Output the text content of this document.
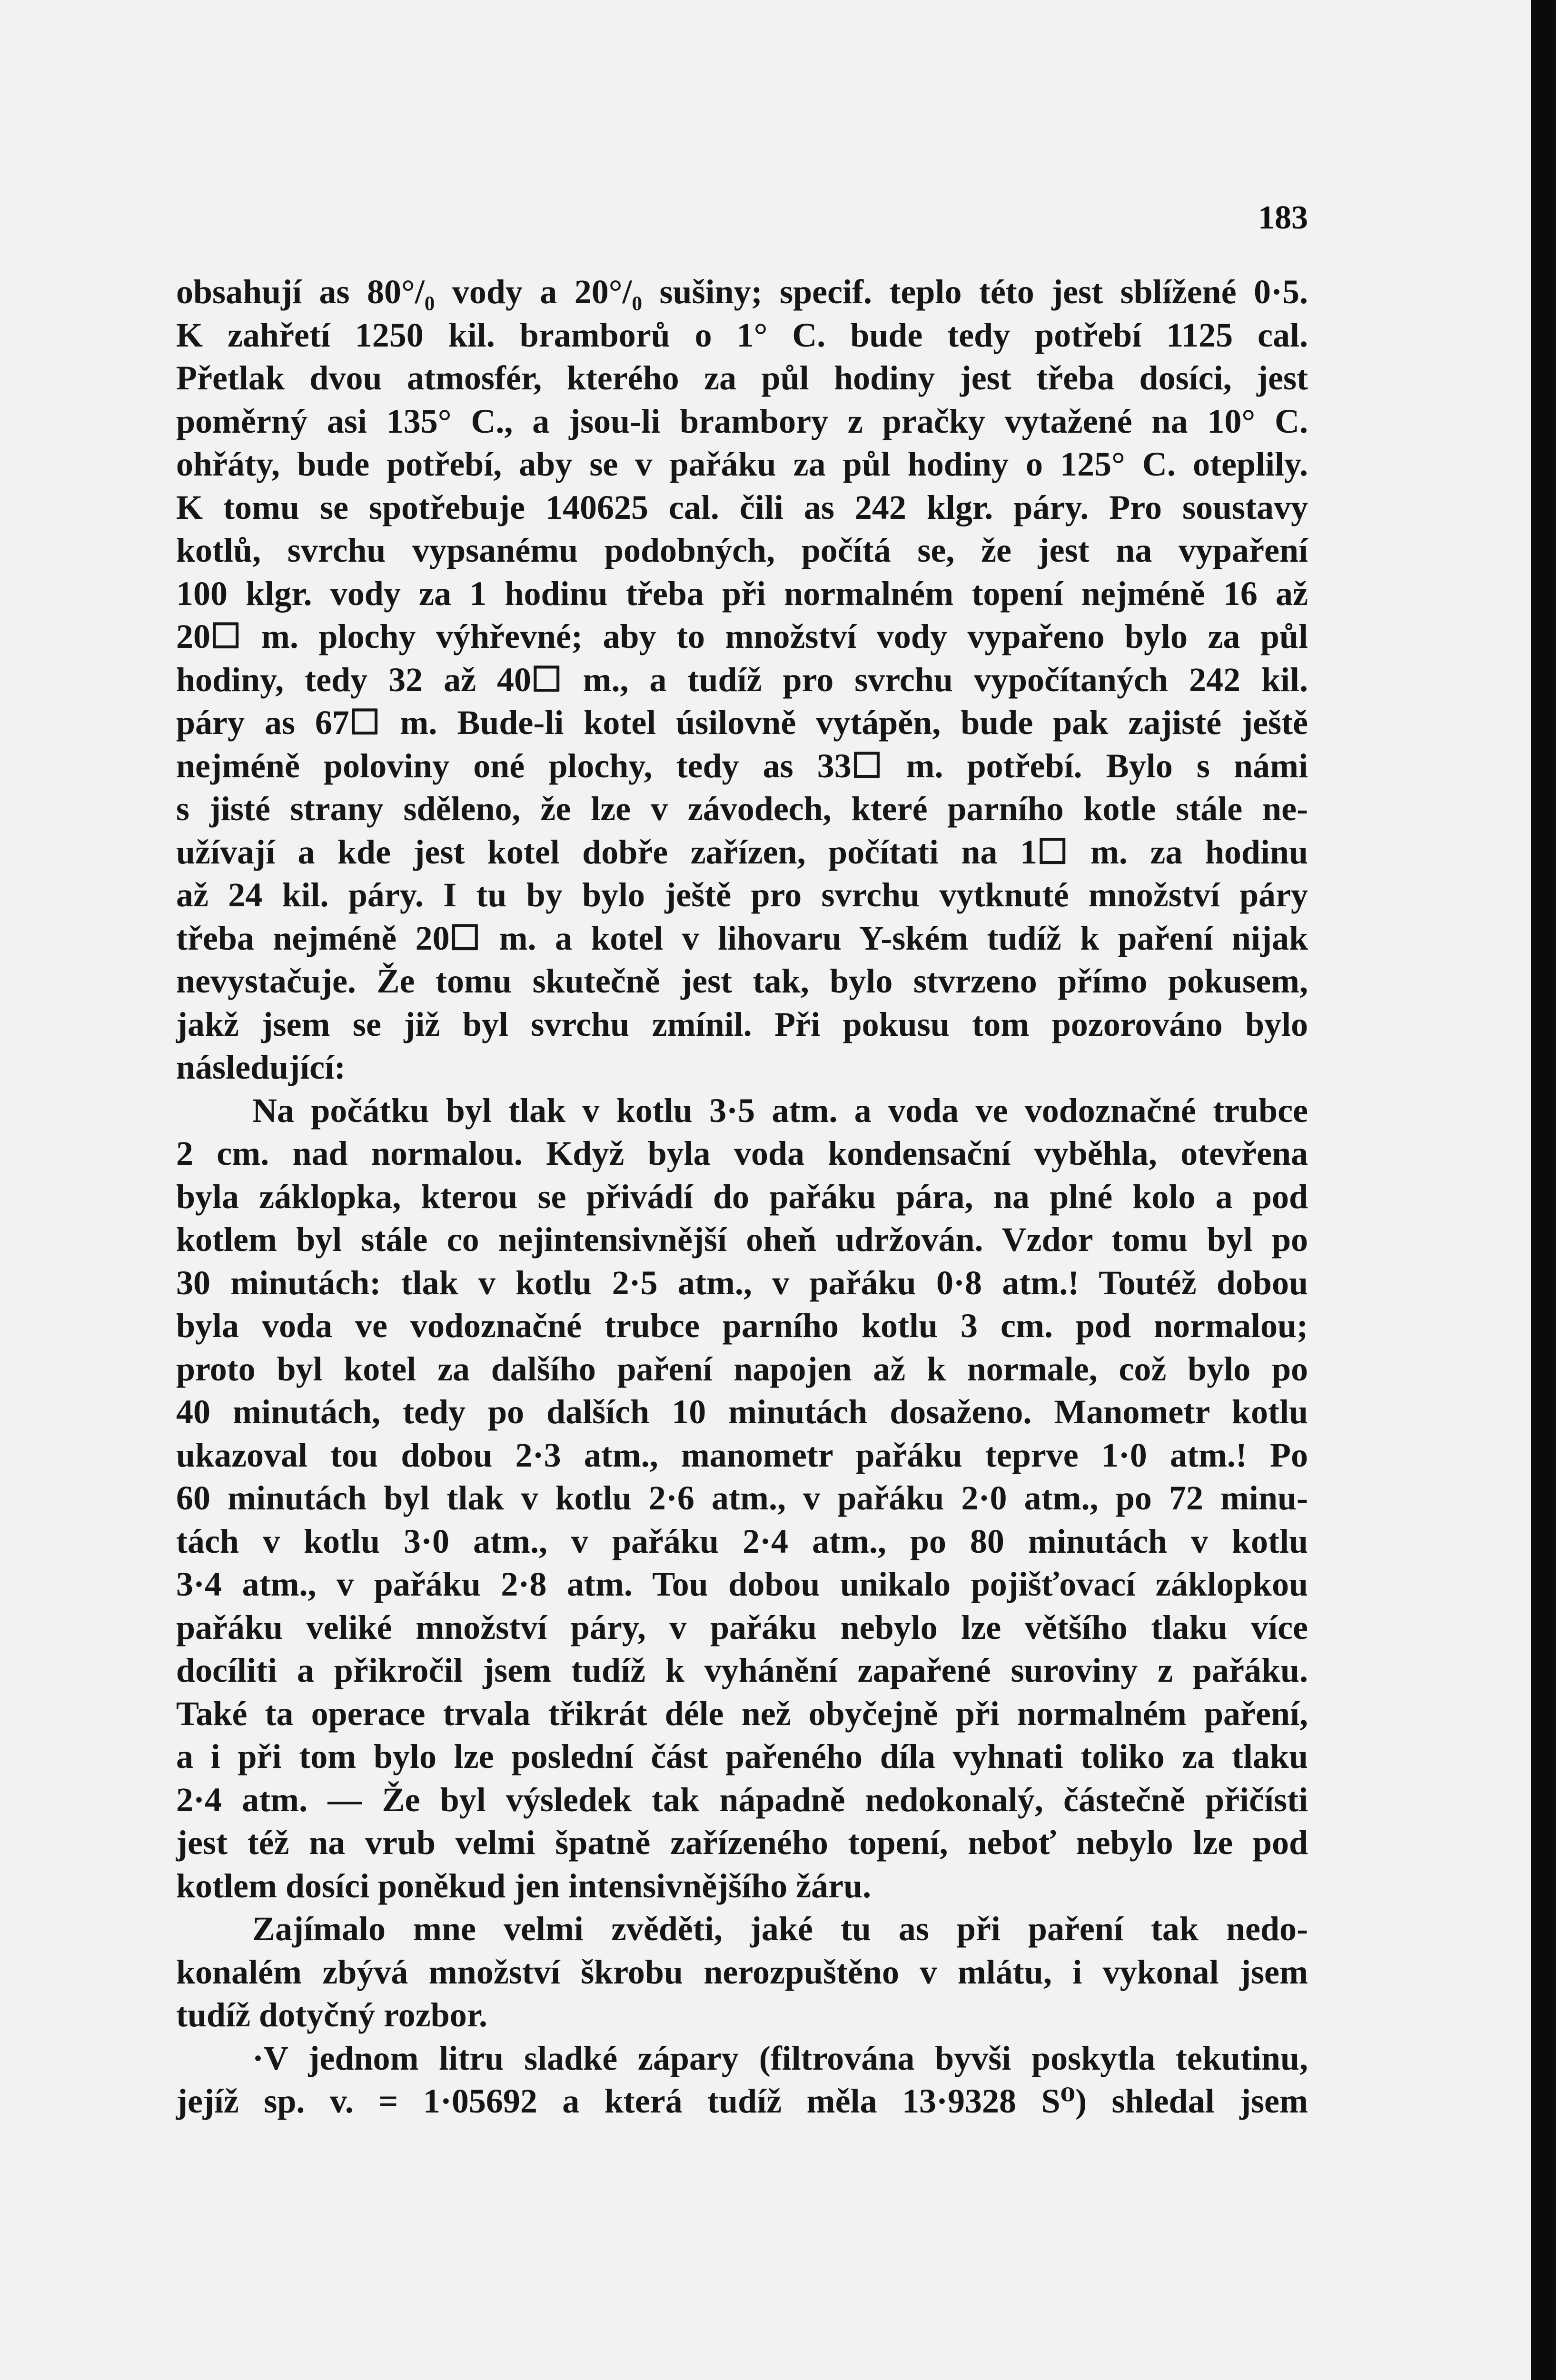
183
obsahují as 80°/₀ vody a 20°/₀ sušiny; specif. teplo této jest sblížené 0·5.
K zahřetí 1250 kil. bramborů o 1° C. bude tedy potřebí 1125 cal.
Přetlak dvou atmosfér, kterého za půl hodiny jest třeba dosíci, jest
poměrný asi 135° C., a jsou-li brambory z pračky vytažené na 10° C.
ohřáty, bude potřebí, aby se v pařáku za půl hodiny o 125° C. oteplily.
K tomu se spotřebuje 140625 cal. čili as 242 klgr. páry. Pro soustavy
kotlů, svrchu vypsanému podobných, počítá se, že jest na vypaření
100 klgr. vody za 1 hodinu třeba při normalném topení nejméně 16 až
20☐ m. plochy výhřevné; aby to množství vody vypařeno bylo za půl
hodiny, tedy 32 až 40☐ m., a tudíž pro svrchu vypočítaných 242 kil.
páry as 67☐ m. Bude-li kotel úsilovně vytápěn, bude pak zajisté ještě
nejméně poloviny oné plochy, tedy as 33☐ m. potřebí. Bylo s námi
s jisté strany sděleno, že lze v závodech, které parního kotle stále ne-
užívají a kde jest kotel dobře zařízen, počítati na 1☐ m. za hodinu
až 24 kil. páry. I tu by bylo ještě pro svrchu vytknuté množství páry
třeba nejméně 20☐ m. a kotel v lihovaru Y-ském tudíž k paření nijak
nevystačuje. Že tomu skutečně jest tak, bylo stvrzeno přímo pokusem,
jakž jsem se již byl svrchu zmínil. Při pokusu tom pozorováno bylo
následující:
Na počátku byl tlak v kotlu 3·5 atm. a voda ve vodoznačné trubce
2 cm. nad normalou. Když byla voda kondensační vyběhla, otevřena
byla záklopka, kterou se přivádí do pařáku pára, na plné kolo a pod
kotlem byl stále co nejintensivnější oheň udržován. Vzdor tomu byl po
30 minutách: tlak v kotlu 2·5 atm., v pařáku 0·8 atm.! Toutéž dobou
byla voda ve vodoznačné trubce parního kotlu 3 cm. pod normalou;
proto byl kotel za dalšího paření napojen až k normale, což bylo po
40 minutách, tedy po dalších 10 minutách dosaženo. Manometr kotlu
ukazoval tou dobou 2·3 atm., manometr pařáku teprve 1·0 atm.! Po
60 minutách byl tlak v kotlu 2·6 atm., v pařáku 2·0 atm., po 72 minu-
tách v kotlu 3·0 atm., v pařáku 2·4 atm., po 80 minutách v kotlu
3·4 atm., v pařáku 2·8 atm. Tou dobou unikalo pojišťovací záklopkou
pařáku veliké množství páry, v pařáku nebylo lze většího tlaku více
docíliti a přikročil jsem tudíž k vyhánění zapařené suroviny z pařáku.
Také ta operace trvala třikrát déle než obyčejně při normalném paření,
a i při tom bylo lze poslední část pařeného díla vyhnati toliko za tlaku
2·4 atm. — Že byl výsledek tak nápadně nedokonalý, částečně přičísti
jest též na vrub velmi špatně zařízeného topení, neboť nebylo lze pod
kotlem dosíci poněkud jen intensivnějšího žáru.
Zajímalo mne velmi zvěděti, jaké tu as při paření tak nedo-
konalém zbývá množství škrobu nerozpuštěno v mlátu, i vykonal jsem
tudíž dotyčný rozbor.
·V jednom litru sladké zápary (filtrována byvši poskytla tekutinu,
jejíž sp. v. = 1·05692 a která tudíž měla 13·9328 S⁰) shledal jsem
